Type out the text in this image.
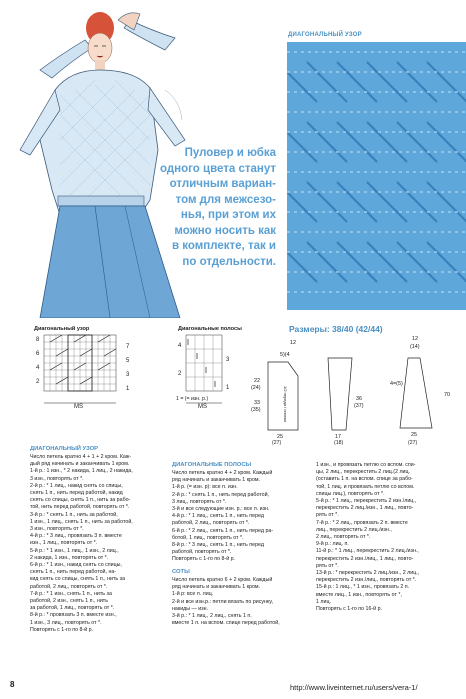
ДИАГОНАЛЬНЫЙ УЗОР
Пуловер и юбка
одного цвета станут
отличным вариан-
том для межсезо-
нья, при этом их
можно носить как
в комплекте, так и
по отдельности.
Диагональный узор
8
6
4
2
7
5
3
1
MS
Диагональные полосы
4
2
3
1
MS
1 = (= изн. р.)
Размеры: 38/40 (42/44)
12
5)(4
22
(24)
33
(35)
25
1/2 переда / спинки
(27)
36
(37)
17
(18)
12
(14)
4=(5)
70
25
(27)
ДИАГОНАЛЬНЫЙ УЗОР
Число петель кратно 4 + 1 + 2 кром. Каж-
дый ряд начинать и заканчивать 1 кром.
1-й р.: 1 изн., * 2 накида, 1 лиц., 2 накида,
3 изн., повторять от *.
2-й р.: * 1 лиц., накид снять со спицы,
снять 1 п., нить перед работой, накид
снять со спицы, снять 1 п., нить за рабо-
той, нить перед работой, повторять от *.
3-й р.: * снять 1 п., нить за работой,
1 изн., 1 лиц., снять 1 п., нить за работой,
3 изн., повторять от *.
4-й р.: * 3 лиц., провязать 3 п. вместе
изн., 1 лиц., повторять от *.
5-й р.: * 1 изн., 1 лиц., 1 изн., 2 лиц.,
2 накида, 1 изн., повторять от *.
6-й р.: * 1 изн., накид снять со спицы,
снять 1 п., нить перед работой, на-
кид снять со спицы, снять 1 п., нить за
работой, 2 лиц., повторять от *.
7-й р.: * 1 изн., снять 1 п., нить за
работой, 2 изн., снять 1 п., нить
за работой, 1 лиц., повторять от *.
8-й р.: * провязать 3 п. вместе изн.,
1 изн., 3 лиц., повторять от *.
Повторять с 1-го по 8-й р.
ДИАГОНАЛЬНЫЕ ПОЛОСЫ
Число петель кратно 4 + 2 кром. Каждый
ряд начинать и заканчивать 1 кром.
1-й р. (= изн. р): все п. изн.
2-й р.: * снять 1 п., нить перед работой,
3 лиц., повторять от *.
3-й и все следующие изн. р.: все п. изн.
4-й р.: * 1 лиц., снять 1 п., нить перед
работой, 2 лиц., повторять от *.
6-й р.: * 2 лиц., снять 1 п., нить перед ра-
ботой, 1 лиц., повторять от *.
8-й р.: * 3 лиц., снять 1 п., нить перед
работой, повторять от *.
Повторять с 1-го по 8-й р.
СОТЫ
Число петель кратно 6 + 2 кром. Каждый
ряд начинать и заканчивать 1 кром.
1-й р: все п. лиц.
2-й и все изн.р.: петли вязать по рисунку,
накиды — изн.
3-й р.: * 1 лиц., 2 лиц., снять 1 п.
вместе 1 п. на вспом. спице перед работой,
1 изн., и провязать петлю со вспом. спи-
цы, 2 лиц., перекрестить 2 лиц.(2 лиц.
(оставить 1 п. на вспом. спице за рабо-
той, 1 лиц. и провязать петлю со вспом.
спицы лиц.), повторять от *.
5-й р.: * 1 лиц., перекрестить 2 изн./лиц.,
перекрестить 2 лиц./изн., 1 лиц., повто-
рять от *.
7-й р.: * 2 лиц., провязать 2 п. вместе
лиц., перекрестить 2 лиц./изн.,
2 лиц., повторять от *.
9-й р.: лиц. п.
11-й р.: * 1 лиц., перекрестить 2 лиц./изн.,
перекрестить 2 изн./лиц., 1 лиц., повто-
рять от *.
13-й р.: * перекрестить 2 лиц./изн., 2 лиц.,
перекрестить 2 изн./лиц., повторять от *.
15-й р.: 1 лиц., * 1 изн., провязать 2 п.
вместе лиц., 1 изн., повторять от *,
1 лиц.
Повторять с 1-го по 16-й р.
8	http://www.liveinternet.ru/users/vera-1/
